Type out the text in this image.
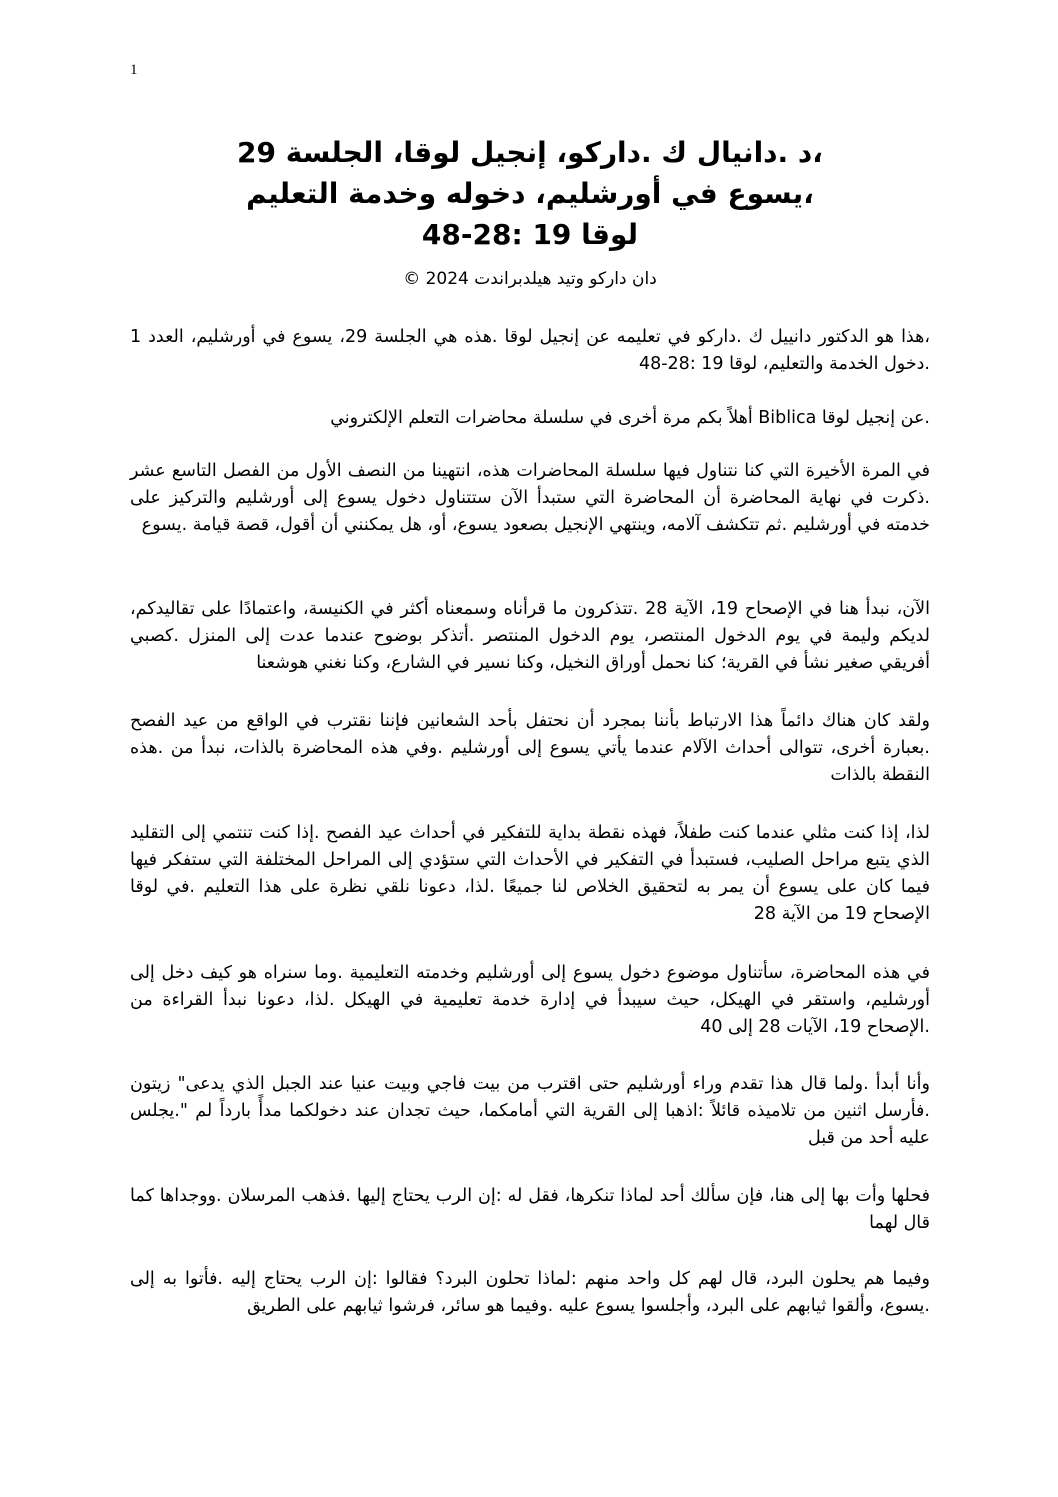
1
،د .دانيال ك .داركو، إنجيل لوقا، الجلسة 29
،يسوع في أورشليم، دخوله وخدمة التعليم
لوقا 19 :28-48
دان داركو وتيد هيلدبراندت 2024 ©

،هذا هو الدكتور دانييل ك .داركو في تعليمه عن إنجيل لوقا .هذه هي الجلسة 29، يسوع في أورشليم، العدد 1 .دخول الخدمة والتعليم، لوقا 19 :28-48

.عن إنجيل لوقا Biblica أهلاً بكم مرة أخرى في سلسلة محاضرات التعلم الإلكتروني

في المرة الأخيرة التي كنا نتناول فيها سلسلة المحاضرات هذه، انتهينا من النصف الأول من الفصل التاسع عشر .ذكرت في نهاية المحاضرة أن المحاضرة التي ستبدأ الآن ستتناول دخول يسوع إلى أورشليم والتركيز على خدمته في أورشليم .ثم تتكشف آلامه، وينتهي الإنجيل بصعود يسوع، أو، هل يمكنني أن أقول، قصة قيامة .يسوع

الآن، نبدأ هنا في الإصحاح 19، الآية 28 .تتذكرون ما قرأناه وسمعناه أكثر في الكنيسة، واعتمادًا على تقاليدكم، لديكم وليمة في يوم الدخول المنتصر، يوم الدخول المنتصر .أتذكر بوضوح عندما عدت إلى المنزل .كصبي أفريقي صغير نشأ في القرية؛ كنا نحمل أوراق النخيل، وكنا نسير في الشارع، وكنا نغني هوشعنا

ولقد كان هناك دائماً هذا الارتباط بأننا بمجرد أن نحتفل بأحد الشعانين فإننا نقترب في الواقع من عيد الفصح .بعبارة أخرى، تتوالى أحداث الآلام عندما يأتي يسوع إلى أورشليم .وفي هذه المحاضرة بالذات، نبدأ من .هذه النقطة بالذات

لذا، إذا كنت مثلي عندما كنت طفلاً، فهذه نقطة بداية للتفكير في أحداث عيد الفصح .إذا كنت تنتمي إلى التقليد الذي يتبع مراحل الصليب، فستبدأ في التفكير في الأحداث التي ستؤدي إلى المراحل المختلفة التي ستفكر فيها فيما كان على يسوع أن يمر به لتحقيق الخلاص لنا جميعًا .لذا، دعونا نلقي نظرة على هذا التعليم .في لوقا الإصحاح 19 من الآية 28

في هذه المحاضرة، سأتناول موضوع دخول يسوع إلى أورشليم وخدمته التعليمية .وما سنراه هو كيف دخل إلى أورشليم، واستقر في الهيكل، حيث سيبدأ في إدارة خدمة تعليمية في الهيكل .لذا، دعونا نبدأ القراءة من .الإصحاح 19، الآيات 28 إلى 40

وأنا أبدأ .ولما قال هذا تقدم وراء أورشليم حتى اقترب من بيت فاجي وبيت عنيا عند الجبل الذي يدعى" زيتون .فأرسل اثنين من تلاميذه قائلاً :اذهبا إلى القرية التي أمامكما، حيث تجدان عند دخولكما مدأً بارداً لم ".يجلس عليه أحد من قبل

فحلها وأت بها إلى هنا، فإن سألك أحد لماذا تنكرها، فقل له :إن الرب يحتاج إليها .فذهب المرسلان .ووجداها كما قال لهما

وفيما هم يحلون البرد، قال لهم كل واحد منهم :لماذا تحلون البرد؟ فقالوا :إن الرب يحتاج إليه .فأتوا به إلى .يسوع، وألقوا ثيابهم على البرد، وأجلسوا يسوع عليه .وفيما هو سائر، فرشوا ثيابهم على الطريق
